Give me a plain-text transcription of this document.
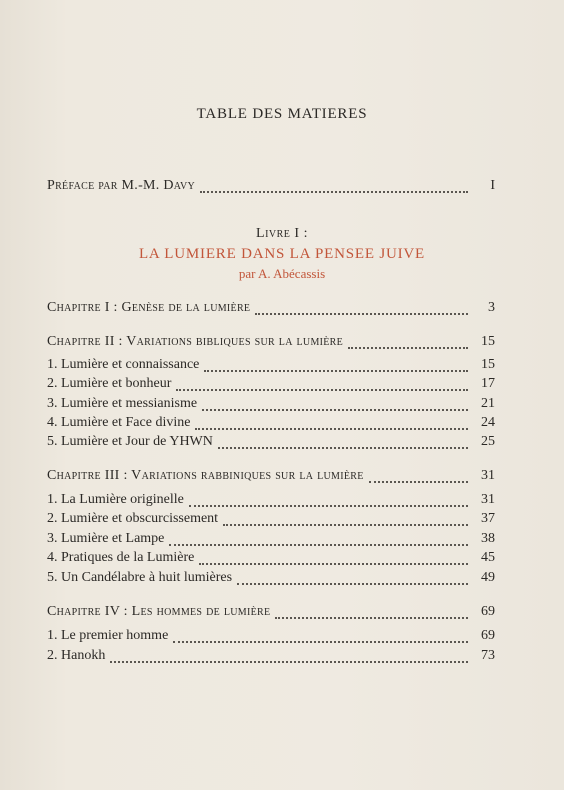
TABLE DES MATIERES
Préface par M.-M. Davy	I
Livre I :
LA LUMIERE DANS LA PENSEE JUIVE
par A. Abécassis
Chapitre I : Genèse de la lumière	3
Chapitre II : Variations bibliques sur la lumière	15
1. Lumière et connaissance	15
2. Lumière et bonheur	17
3. Lumière et messianisme	21
4. Lumière et Face divine	24
5. Lumière et Jour de YHWN	25
Chapitre III : Variations rabbiniques sur la lumière	31
1. La Lumière originelle	31
2. Lumière et obscurcissement	37
3. Lumière et Lampe	38
4. Pratiques de la Lumière	45
5. Un Candélabre à huit lumières	49
Chapitre IV : Les hommes de lumière	69
1. Le premier homme	69
2. Hanokh	73
